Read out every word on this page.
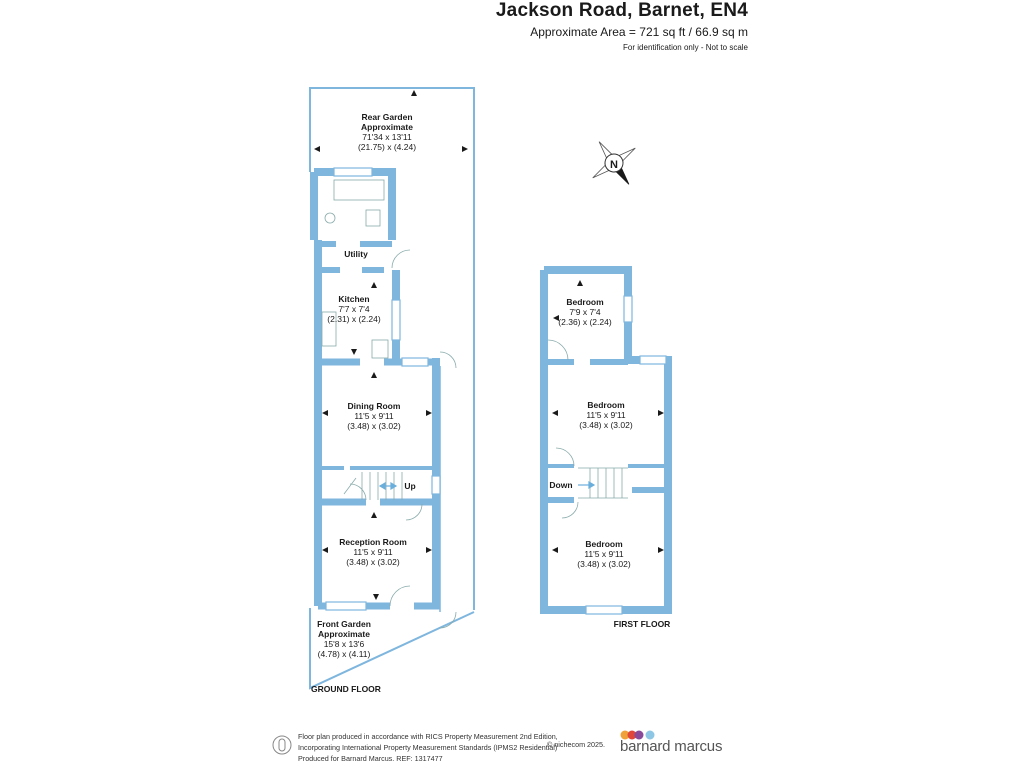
Jackson Road, Barnet, EN4
Approximate Area = 721 sq ft / 66.9 sq m
For identification only - Not to scale
N
Rear Garden
Approximate
71'34 x 13'11
(21.75) x (4.24)
Utility
Kitchen
7'7 x 7'4
(2.31) x (2.24)
Dining Room
11'5 x 9'11
(3.48) x (3.02)
Up
Reception Room
11'5 x 9'11
(3.48) x (3.02)
Front Garden
Approximate
15'8 x 13'6
(4.78) x (4.11)
GROUND FLOOR
Bedroom
7'9 x 7'4
(2.36) x (2.24)
Bedroom
11'5 x 9'11
(3.48) x (3.02)
Down
Bedroom
11'5 x 9'11
(3.48) x (3.02)
FIRST FLOOR
Floor plan produced in accordance with RICS Property Measurement 2nd Edition,
Incorporating International Property Measurement Standards (IPMS2 Residential)
Produced for Barnard Marcus. REF: 1317477
© nichecom 2025. barnard marcus
